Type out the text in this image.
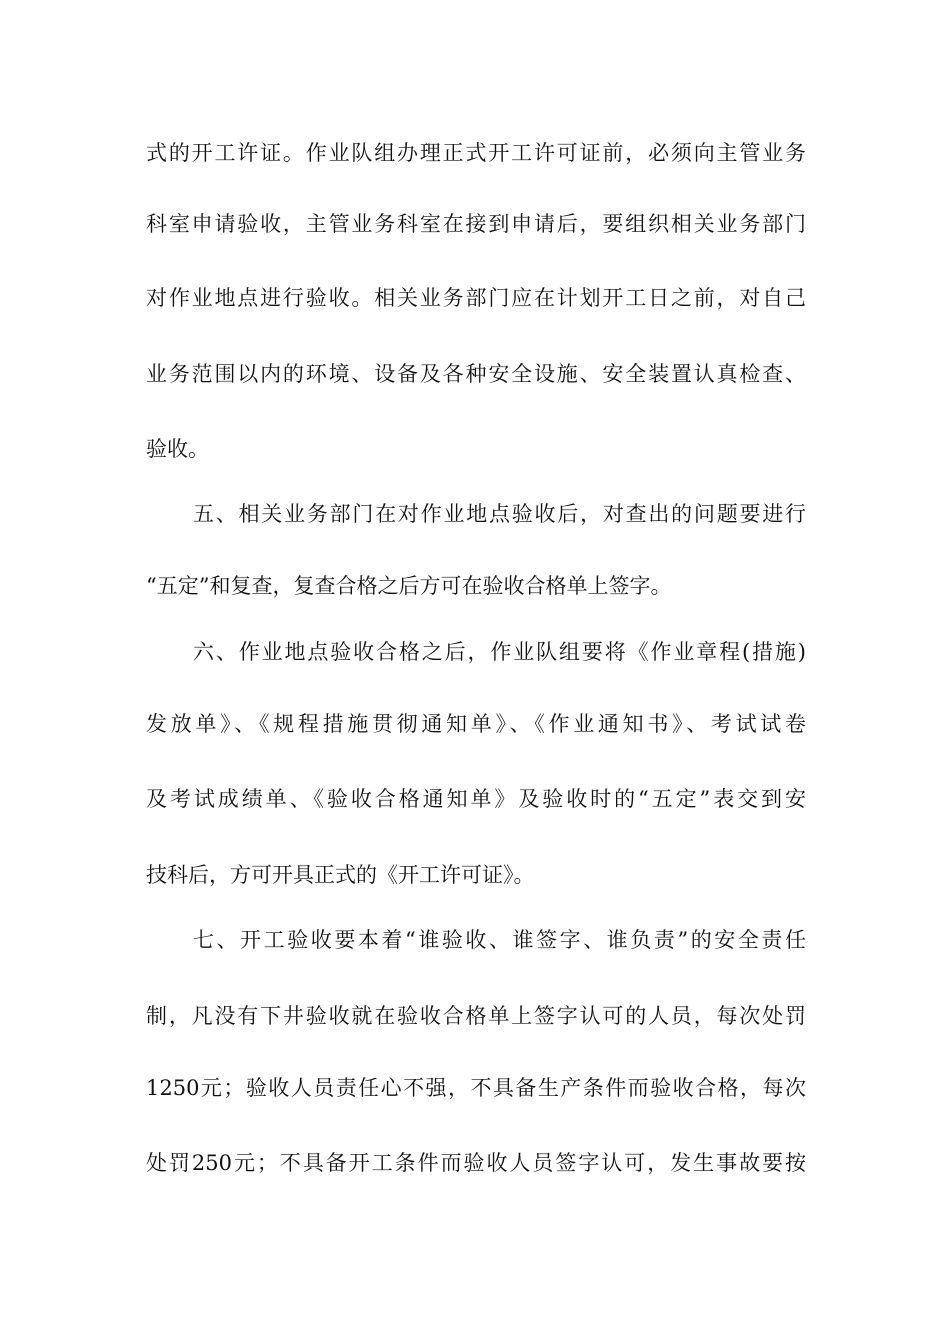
式的开工许证。作业队组办理正式开工许可证前，必须向主管业务
科室申请验收，主管业务科室在接到申请后，要组织相关业务部门
对作业地点进行验收。相关业务部门应在计划开工日之前，对自己
业务范围以内的环境、设备及各种安全设施、安全装置认真检查、
验收。
五、相关业务部门在对作业地点验收后，对查出的问题要进行
“五定”和复查，复查合格之后方可在验收合格单上签字。
六、作业地点验收合格之后，作业队组要将《作业章程(措施)
发放单》、《规程措施贯彻通知单》、《作业通知书》、考试试卷
及考试成绩单、《验收合格通知单》及验收时的“五定”表交到安
技科后，方可开具正式的《开工许可证》。
七、开工验收要本着“谁验收、谁签字、谁负责”的安全责任
制，凡没有下井验收就在验收合格单上签字认可的人员，每次处罚
1250元；验收人员责任心不强，不具备生产条件而验收合格，每次
处罚250元；不具备开工条件而验收人员签字认可，发生事故要按
